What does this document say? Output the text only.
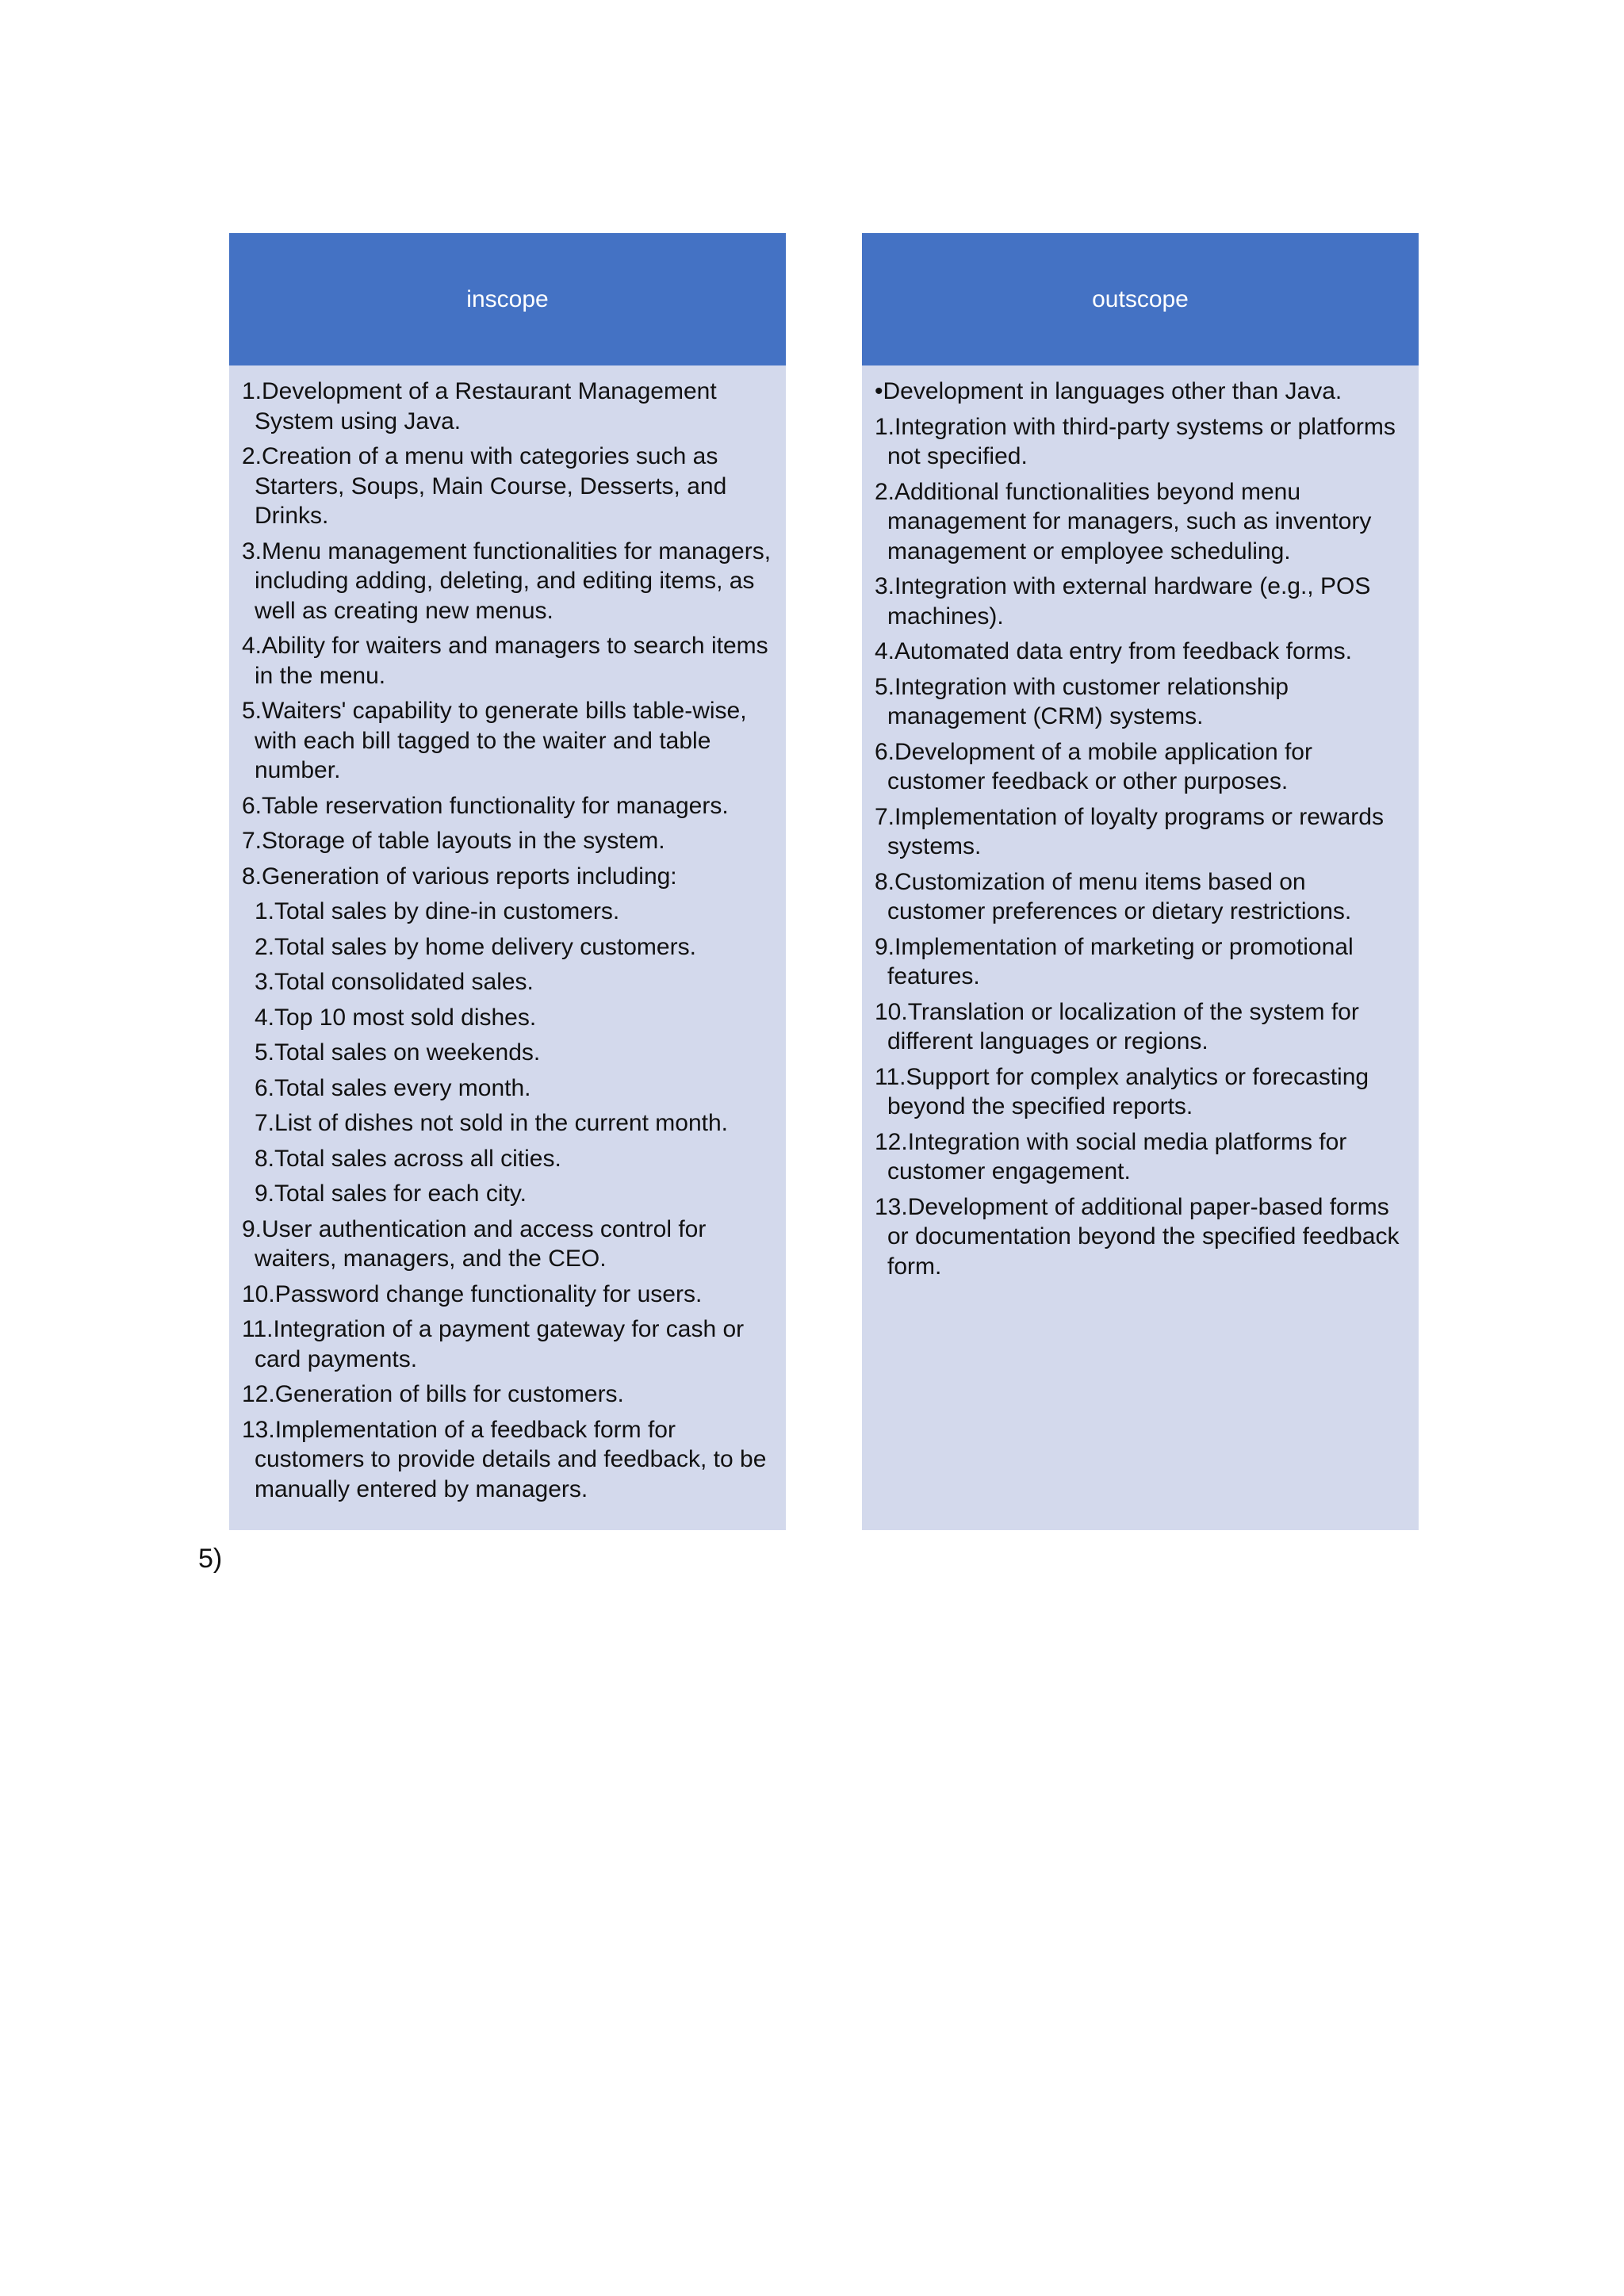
inscope
1.Development of a Restaurant Management System using Java.
2.Creation of a menu with categories such as Starters, Soups, Main Course, Desserts, and Drinks.
3.Menu management functionalities for managers, including adding, deleting, and editing items, as well as creating new menus.
4.Ability for waiters and managers to search items in the menu.
5.Waiters' capability to generate bills table-wise, with each bill tagged to the waiter and table number.
6.Table reservation functionality for managers.
7.Storage of table layouts in the system.
8.Generation of various reports including:
1.Total sales by dine-in customers.
2.Total sales by home delivery customers.
3.Total consolidated sales.
4.Top 10 most sold dishes.
5.Total sales on weekends.
6.Total sales every month.
7.List of dishes not sold in the current month.
8.Total sales across all cities.
9.Total sales for each city.
9.User authentication and access control for waiters, managers, and the CEO.
10.Password change functionality for users.
11.Integration of a payment gateway for cash or card payments.
12.Generation of bills for customers.
13.Implementation of a feedback form for customers to provide details and feedback, to be manually entered by managers.
outscope
•Development in languages other than Java.
1.Integration with third-party systems or platforms not specified.
2.Additional functionalities beyond menu management for managers, such as inventory management or employee scheduling.
3.Integration with external hardware (e.g., POS machines).
4.Automated data entry from feedback forms.
5.Integration with customer relationship management (CRM) systems.
6.Development of a mobile application for customer feedback or other purposes.
7.Implementation of loyalty programs or rewards systems.
8.Customization of menu items based on customer preferences or dietary restrictions.
9.Implementation of marketing or promotional features.
10.Translation or localization of the system for different languages or regions.
11.Support for complex analytics or forecasting beyond the specified reports.
12.Integration with social media platforms for customer engagement.
13.Development of additional paper-based forms or documentation beyond the specified feedback form.
5)
